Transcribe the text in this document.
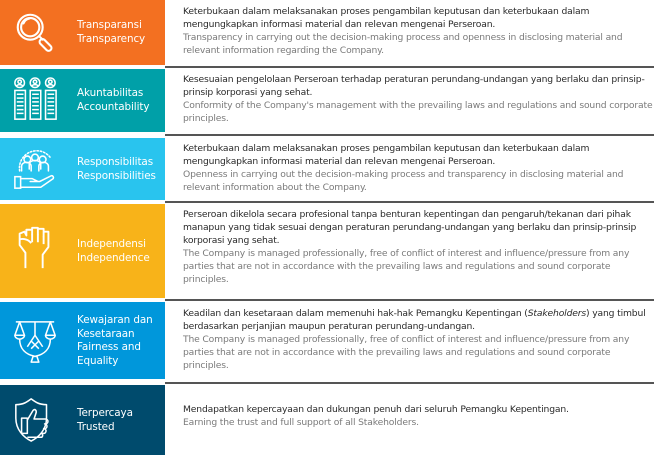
Transparansi
Transparency
Keterbukaan dalam melaksanakan proses pengambilan keputusan dan keterbukaan dalam mengungkapkan informasi material dan relevan mengenai Perseroan.
Transparency in carrying out the decision-making process and openness in disclosing material and relevant information regarding the Company.
Akuntabilitas
Accountability
Kesesuaian pengelolaan Perseroan terhadap peraturan perundang-undangan yang berlaku dan prinsip-prinsip korporasi yang sehat.
Conformity of the Company's management with the prevailing laws and regulations and sound corporate principles.
Responsibilitas
Responsibilities
Keterbukaan dalam melaksanakan proses pengambilan keputusan dan keterbukaan dalam mengungkapkan informasi material dan relevan mengenai Perseroan.
Openness in carrying out the decision-making process and transparency in disclosing material and relevant information about the Company.
Independensi
Independence
Perseroan dikelola secara profesional tanpa benturan kepentingan dan pengaruh/tekanan dari pihak manapun yang tidak sesuai dengan peraturan perundang-undangan yang berlaku dan prinsip-prinsip korporasi yang sehat.
The Company is managed professionally, free of conflict of interest and influence/pressure from any parties that are not in accordance with the prevailing laws and regulations and sound corporate principles.
Kewajaran dan Kesetaraan
Fairness and Equality
Keadilan dan kesetaraan dalam memenuhi hak-hak Pemangku Kepentingan (Stakeholders) yang timbul berdasarkan perjanjian maupun peraturan perundang-undangan.
The Company is managed professionally, free of conflict of interest and influence/pressure from any parties that are not in accordance with the prevailing laws and regulations and sound corporate principles.
Terpercaya
Trusted
Mendapatkan kepercayaan dan dukungan penuh dari seluruh Pemangku Kepentingan.
Earning the trust and full support of all Stakeholders.
